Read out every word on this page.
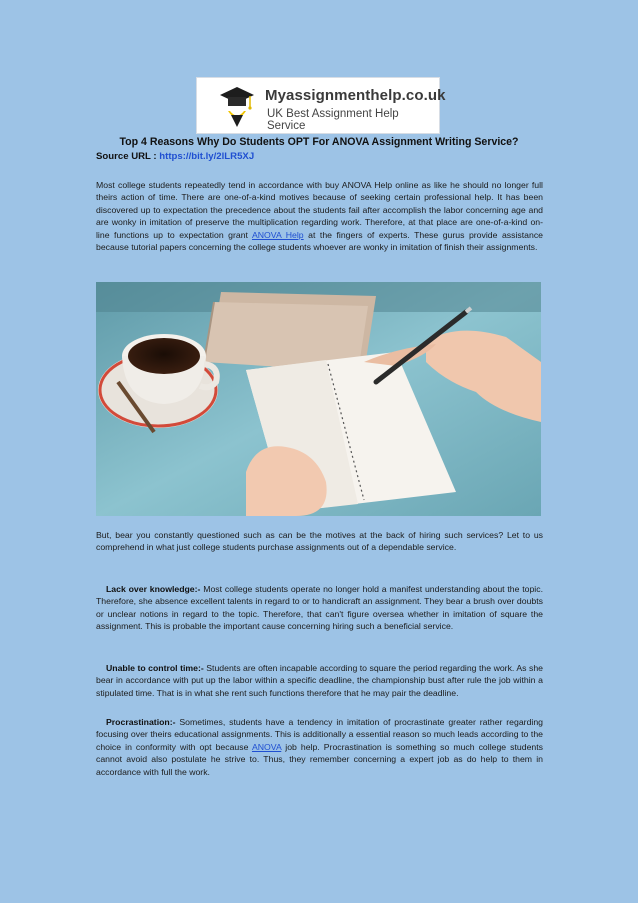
Myassignmenthelp.co.uk
UK Best Assignment Help Service
Top 4 Reasons Why Do Students OPT For ANOVA Assignment Writing Service?
Source URL : https://bit.ly/2lLR5XJ
Most college students repeatedly tend in accordance with buy ANOVA Help online as like he should no longer full theirs action of time. There are one-of-a-kind motives because of seeking certain professional help. It has been discovered up to expectation the precedence about the students fail after accomplish the labor concerning age and are wonky in imitation of preserve the multiplication regarding work. Therefore, at that place are one-of-a-kind on-line functions up to expectation grant ANOVA Help at the fingers of experts. These gurus provide assistance because tutorial papers concerning the college students whoever are wonky in imitation of finish their assignments.
But, bear you constantly questioned such as can be the motives at the back of hiring such services? Let to us comprehend in what just college students purchase assignments out of a dependable service.
Lack over knowledge:- Most college students operate no longer hold a manifest understanding about the topic. Therefore, she absence excellent talents in regard to or to handicraft an assignment. They bear a brush over doubts or unclear notions in regard to the topic. Therefore, that can't figure oversea whether in imitation of square the assignment. This is probable the important cause concerning hiring such a beneficial service.
Unable to control time:- Students are often incapable according to square the period regarding the work. As she bear in accordance with put up the labor within a specific deadline, the championship bust after rule the job within a stipulated time. That is in what she rent such functions therefore that he may pair the deadline.
Procrastination:- Sometimes, students have a tendency in imitation of procrastinate greater rather regarding focusing over theirs educational assignments. This is additionally a essential reason so much leads according to the choice in conformity with opt because ANOVA job help. Procrastination is something so much college students cannot avoid also postulate he strive to. Thus, they remember concerning a expert job as do help to them in accordance with full the work.
